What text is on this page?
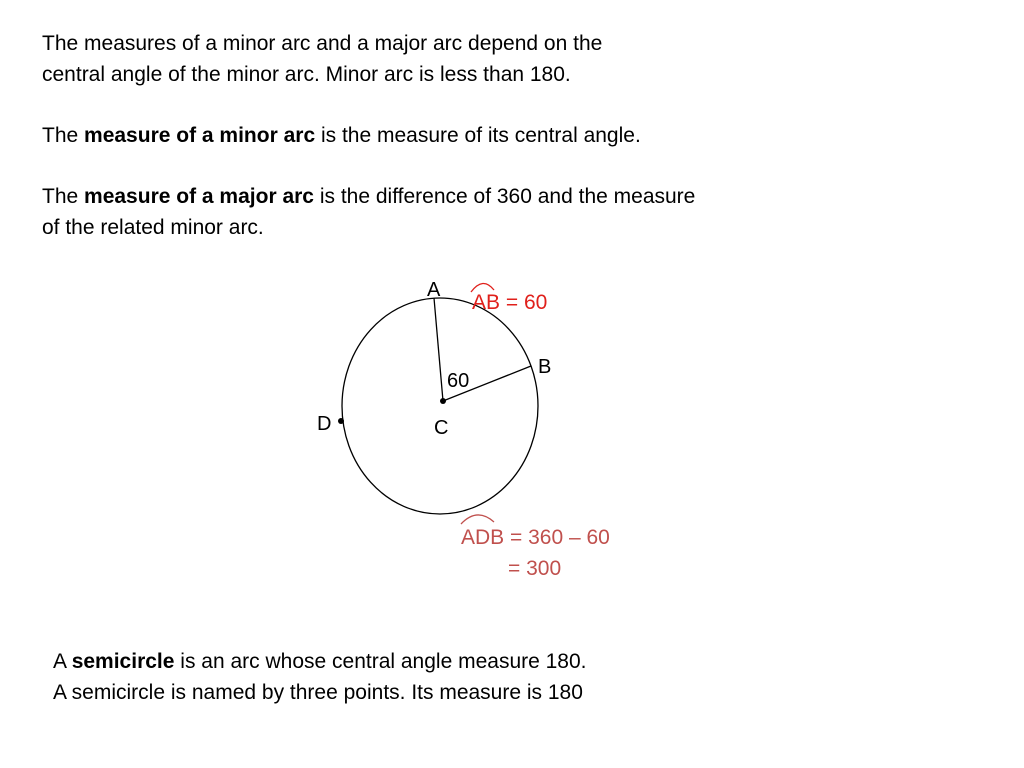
The measures of a minor arc and a major arc depend on the

central angle of the minor arc. Minor arc is less than 180.

The measure of a minor arc is the measure of its central angle.

The measure of a major arc is the difference of 360 and the measure

of the related minor arc.

A
B
C
D
60
AB = 60
ADB = 360 – 60
= 300

A semicircle is an arc whose central angle measure 180.

A semicircle is named by three points. Its measure is 180
